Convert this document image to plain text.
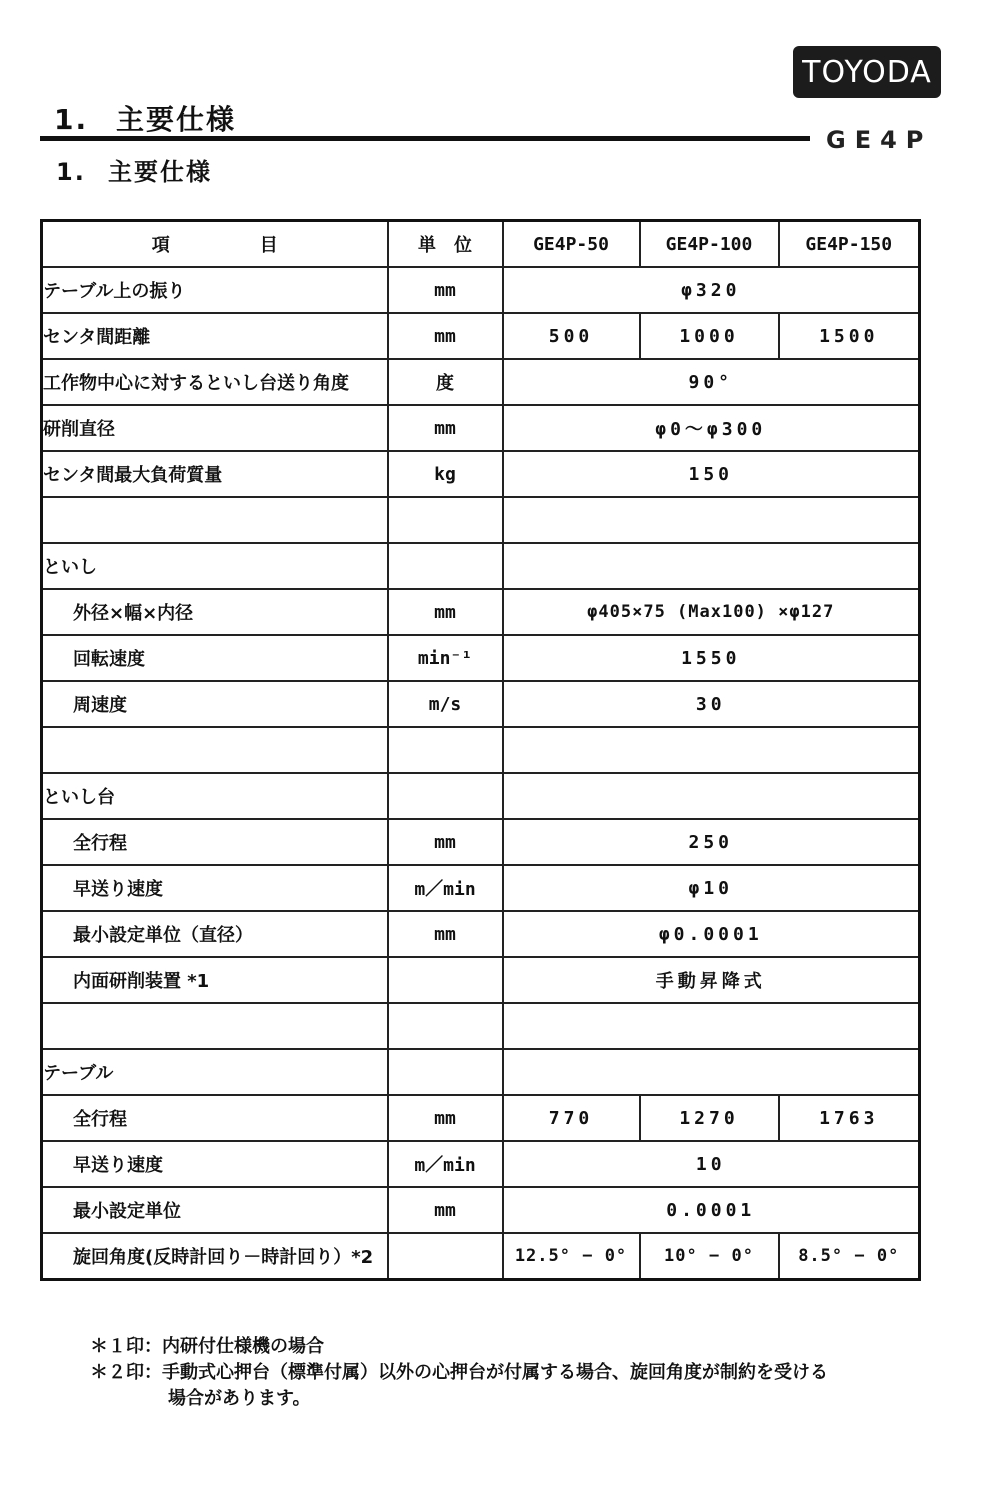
TOYODA
1. 主要仕様
GE4P
1. 主要仕様
項　　　　　目	単　位	GE4P-50	GE4P-100	GE4P-150
テーブル上の振り	mm	φ320		
センタ間距離	mm	500	1000	1500
工作物中心に対するといし台送り角度	度	90°		
研削直径	mm	φ0～φ300		
センタ間最大負荷質量	kg	150		

といし				
外径×幅×内径	mm	φ405×75 (Max100) ×φ127		
回転速度	min⁻¹	1550		
周速度	m/s	30		

といし台				
全行程	mm	250		
早送り速度	m／min	φ10		
最小設定単位（直径）	mm	φ0.0001		
内面研削装置 *1		手動昇降式		

テーブル				
全行程	mm	770	1270	1763
早送り速度	m／min	10		
最小設定単位	mm	0.0001		
旋回角度(反時計回り－時計回り）*2		12.5° − 0°	10° − 0°	8.5° − 0°
＊１印：内研付仕様機の場合
＊２印：手動式心押台（標準付属）以外の心押台が付属する場合、旋回角度が制約を受ける
場合があります。
